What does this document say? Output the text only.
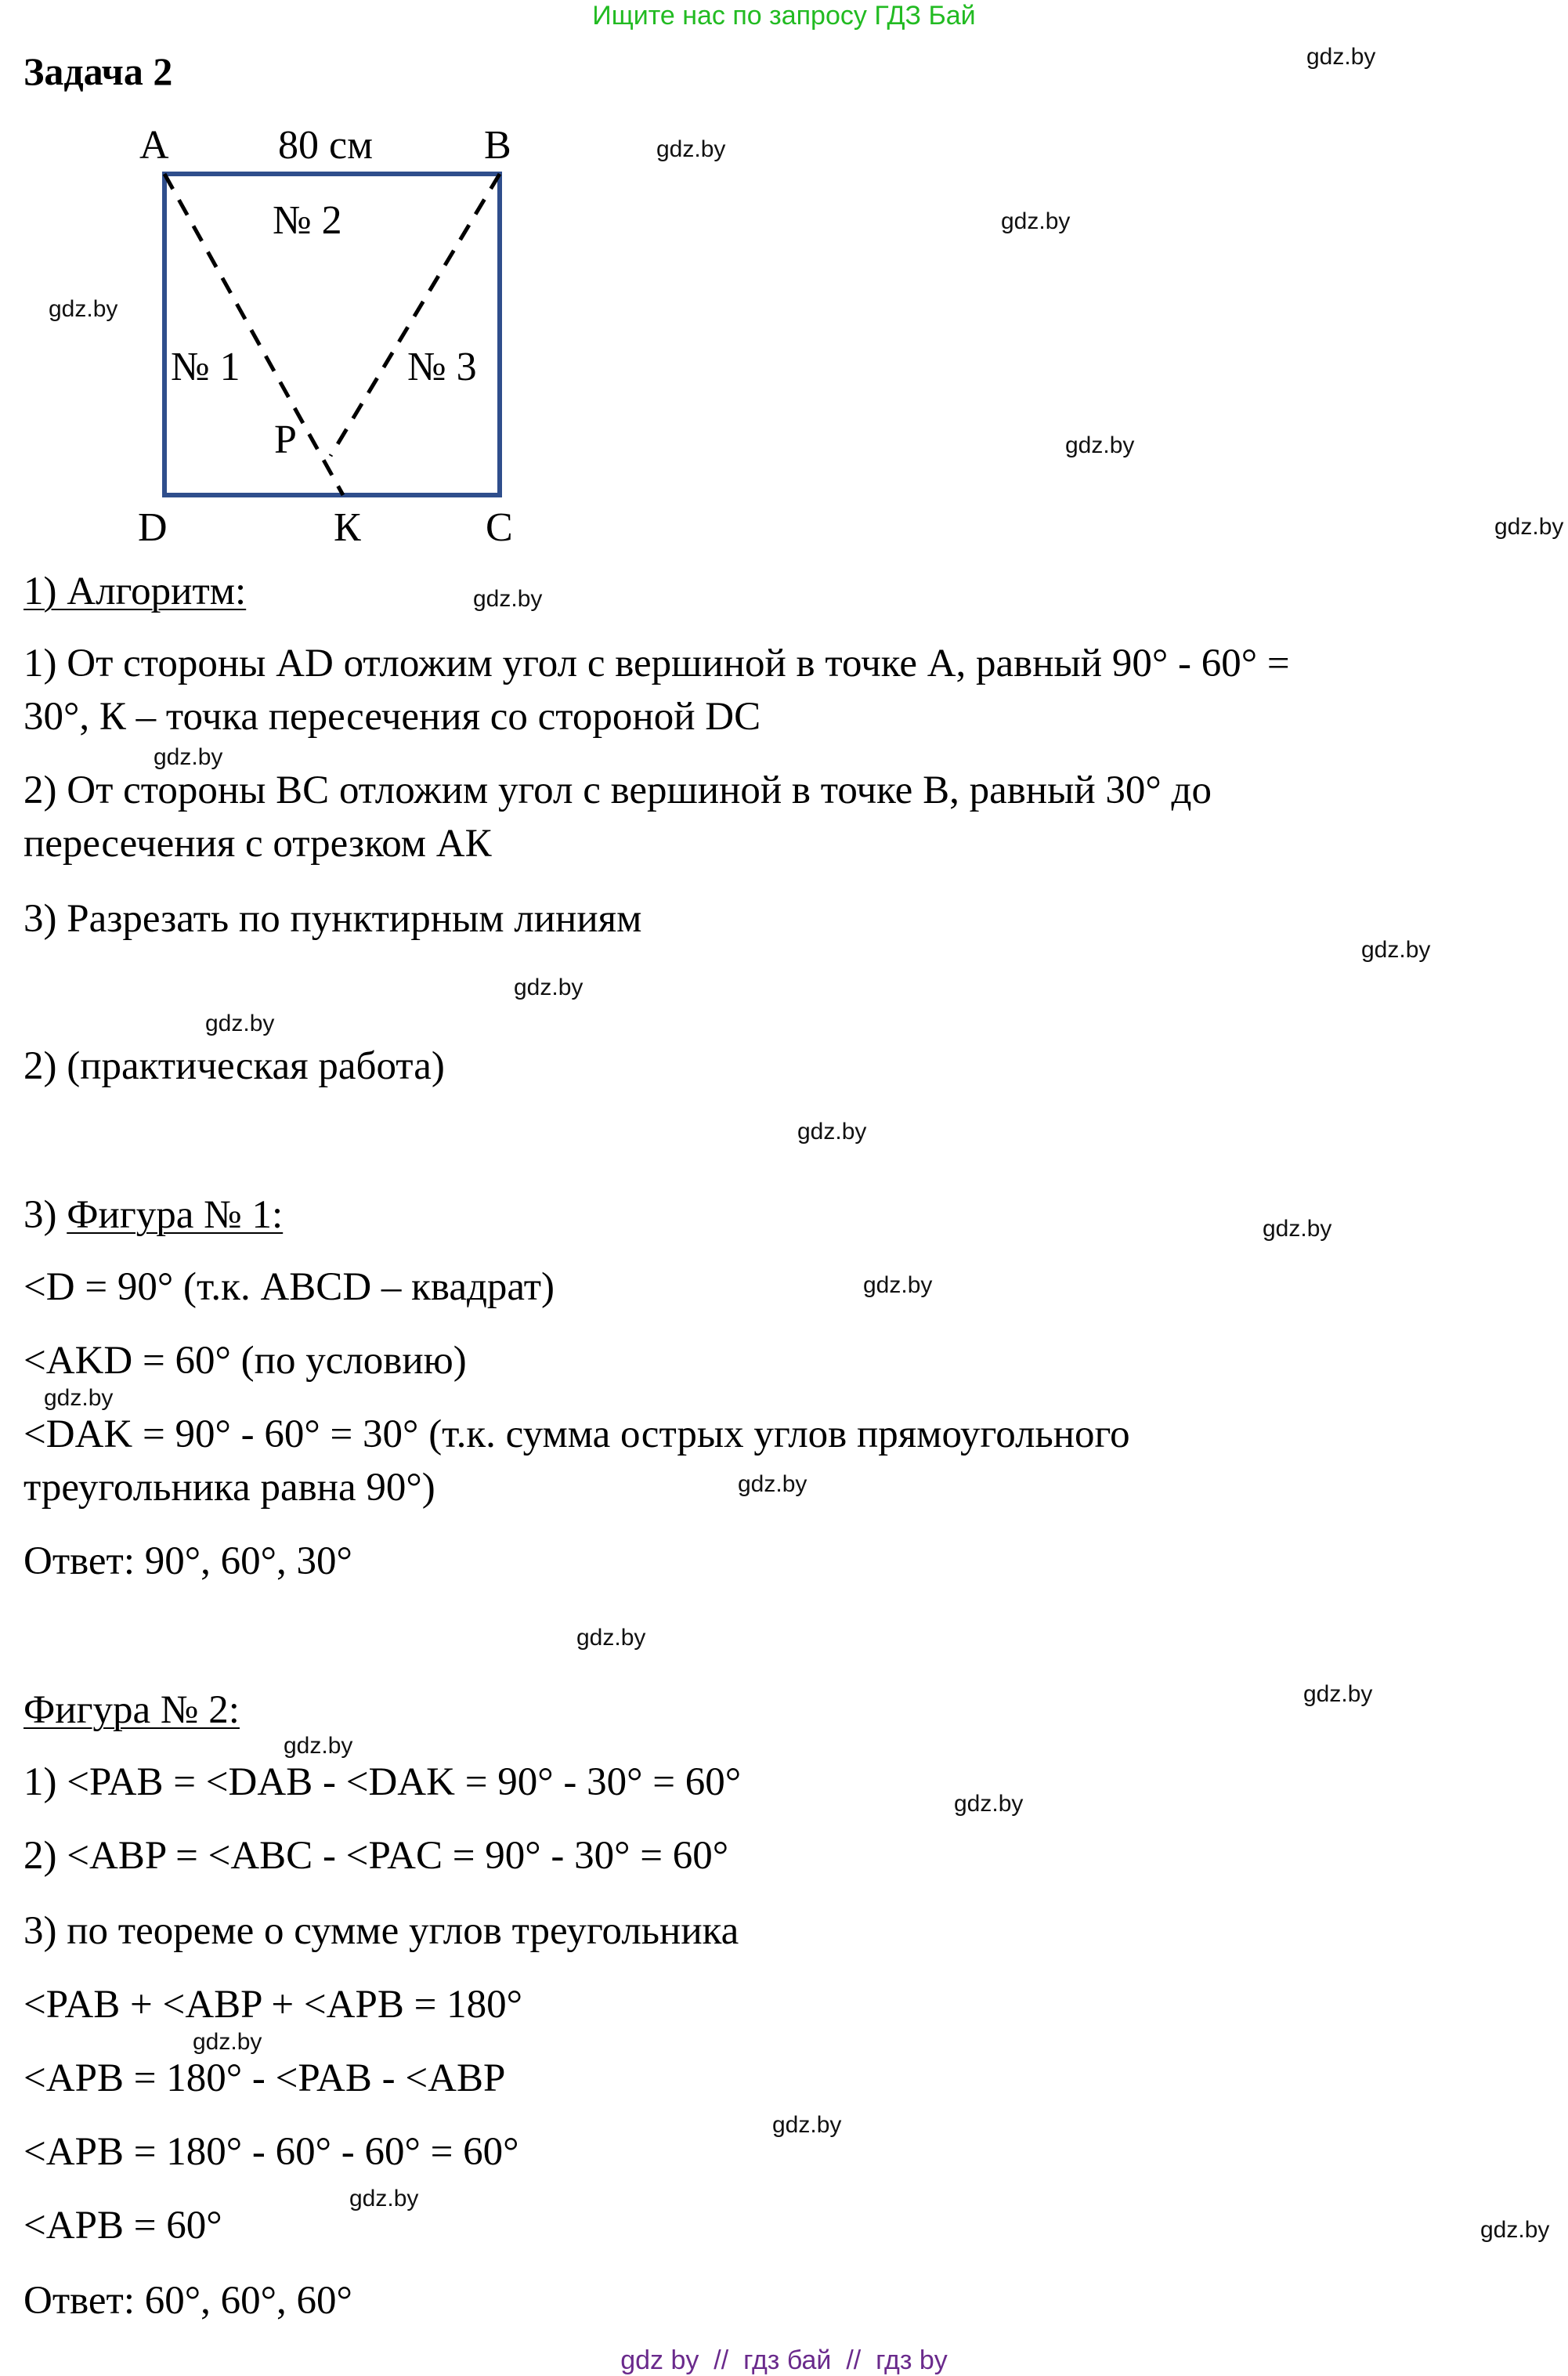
Ищите нас по запросу ГДЗ Бай
Задача 2
A	B
80 см
№ 2
№ 1	№ 3
P
D	К	C
1) Алгоритм:
1) От стороны AD отложим угол с вершиной в точке A, равный 90° - 60° =
30°, К – точка пересечения со стороной DC
2) От стороны BC отложим угол с вершиной в точке B, равный 30° до
пересечения с отрезком AК
3) Разрезать по пунктирным линиям
2) (практическая работа)
3) Фигура № 1:
<D = 90° (т.к. ABCD – квадрат)
<AKD = 60° (по условию)
<DAK = 90° - 60° = 30° (т.к. сумма острых углов прямоугольного
треугольника равна 90°)
Ответ: 90°, 60°, 30°
Фигура № 2:
1) <PAB = <DAB - <DAK = 90° - 30° = 60°
2) <ABP = <ABC - <PAC = 90° - 30° = 60°
3) по теореме о сумме углов треугольника
<PAB + <ABP + <APB = 180°
<APB = 180° - <PAB - <ABP
<APB = 180° - 60° - 60° = 60°
<APB = 60°
Ответ: 60°, 60°, 60°
gdz.by
gdz.by
gdz.by
gdz.by
gdz.by
gdz.by
gdz.by
gdz.by
gdz.by
gdz.by
gdz.by
gdz.by
gdz.by
gdz.by
gdz.by
gdz.by
gdz.by
gdz.by
gdz.by
gdz.by
gdz.by
gdz.by
gdz.by
gdz.by
gdz by  //  гдз бай  //  гдз by
